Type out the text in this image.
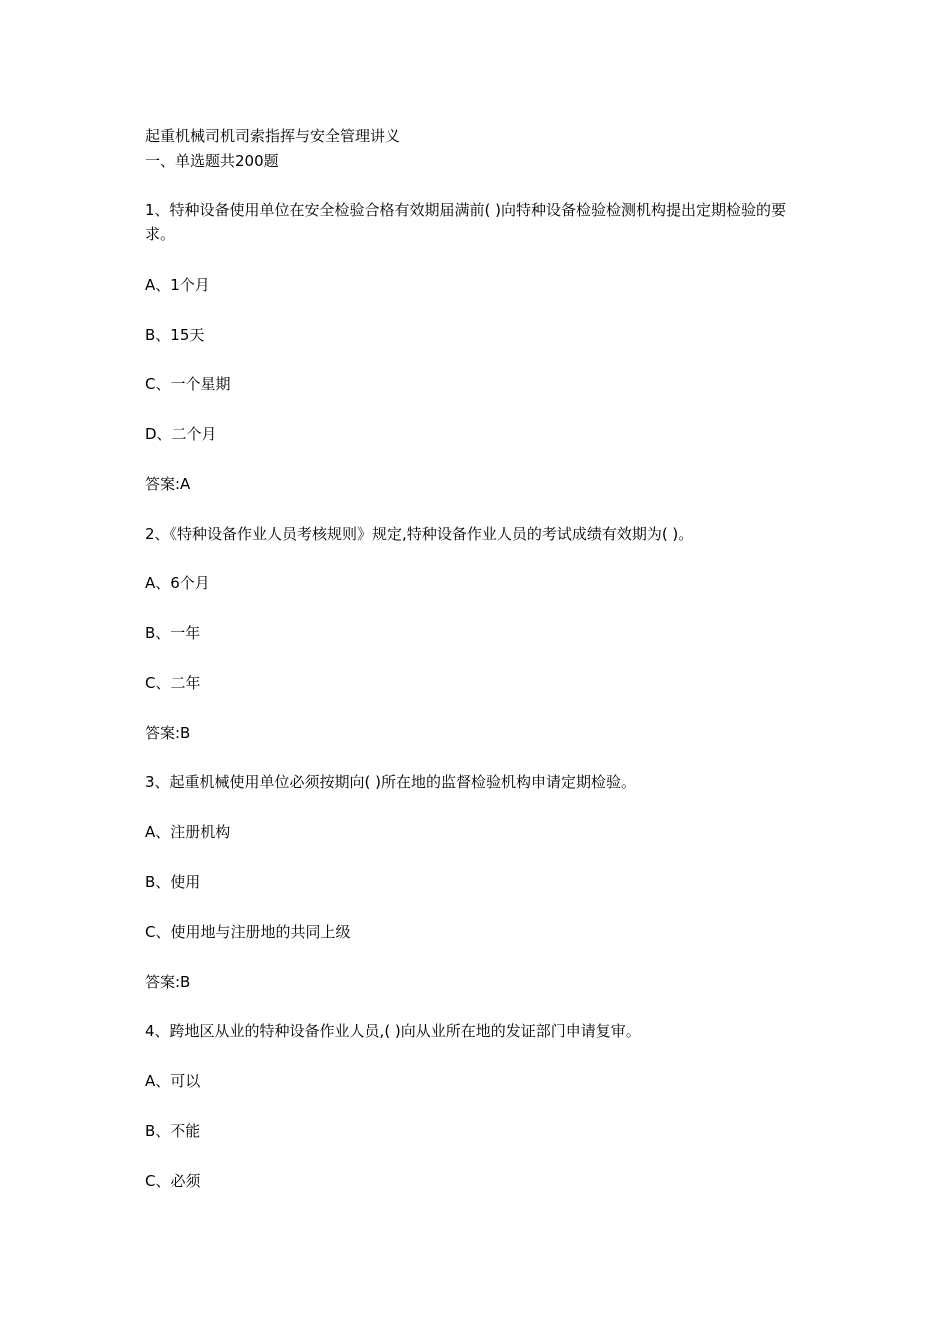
起重机械司机司索指挥与安全管理讲义
一、单选题共200题
1、特种设备使用单位在安全检验合格有效期届满前( )向特种设备检验检测机构提出定期检验的要求。
A、1个月
B、15天
C、一个星期
D、二个月
答案:A
2、《特种设备作业人员考核规则》规定,特种设备作业人员的考试成绩有效期为( )。
A、6个月
B、一年
C、二年
答案:B
3、起重机械使用单位必须按期向( )所在地的监督检验机构申请定期检验。
A、注册机构
B、使用
C、使用地与注册地的共同上级
答案:B
4、跨地区从业的特种设备作业人员,( )向从业所在地的发证部门申请复审。
A、可以
B、不能
C、必须
